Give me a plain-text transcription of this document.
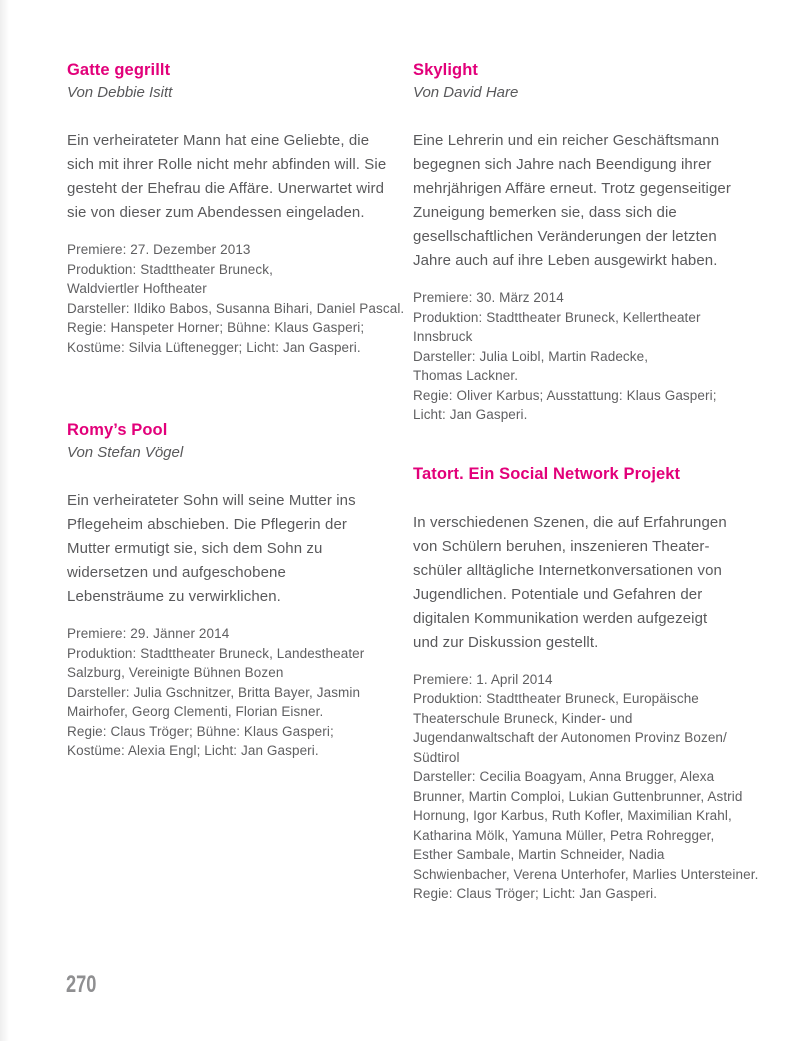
Gatte gegrillt

Von Debbie Isitt

Ein verheirateter Mann hat eine Geliebte, die
sich mit ihrer Rolle nicht mehr abfinden will. Sie
gesteht der Ehefrau die Affäre. Unerwartet wird
sie von dieser zum Abendessen eingeladen.
Premiere: 27. Dezember 2013
Produktion: Stadttheater Bruneck,
Waldviertler Hoftheater
Darsteller: Ildiko Babos, Susanna Bihari, Daniel Pascal.
Regie: Hanspeter Horner; Bühne: Klaus Gasperi;
Kostüme: Silvia Lüftenegger; Licht: Jan Gasperi.
Romy’s Pool

Von Stefan Vögel

Ein verheirateter Sohn will seine Mutter ins
Pflegeheim abschieben. Die Pflegerin der
Mutter ermutigt sie, sich dem Sohn zu
widersetzen und aufgeschobene
Lebensträume zu verwirklichen.
Premiere: 29. Jänner 2014
Produktion: Stadttheater Bruneck, Landestheater
Salzburg, Vereinigte Bühnen Bozen
Darsteller: Julia Gschnitzer, Britta Bayer, Jasmin
Mairhofer, Georg Clementi, Florian Eisner.
Regie: Claus Tröger; Bühne: Klaus Gasperi;
Kostüme: Alexia Engl; Licht: Jan Gasperi.
Skylight

Von David Hare

Eine Lehrerin und ein reicher Geschäftsmann
begegnen sich Jahre nach Beendigung ihrer
mehrjährigen Affäre erneut. Trotz gegenseitiger
Zuneigung bemerken sie, dass sich die
gesellschaftlichen Veränderungen der letzten
Jahre auch auf ihre Leben ausgewirkt haben.
Premiere: 30. März 2014
Produktion: Stadttheater Bruneck, Kellertheater
Innsbruck
Darsteller: Julia Loibl, Martin Radecke,
Thomas Lackner.
Regie: Oliver Karbus; Ausstattung: Klaus Gasperi;
Licht: Jan Gasperi.
Tatort. Ein Social Network Projekt
In verschiedenen Szenen, die auf Erfahrungen
von Schülern beruhen, inszenieren Theater-
schüler alltägliche Internetkonversationen von
Jugendlichen. Potentiale und Gefahren der
digitalen Kommunikation werden aufgezeigt
und zur Diskussion gestellt.
Premiere: 1. April 2014
Produktion: Stadttheater Bruneck, Europäische
Theaterschule Bruneck, Kinder- und
Jugendanwaltschaft der Autonomen Provinz Bozen/
Südtirol
Darsteller: Cecilia Boagyam, Anna Brugger, Alexa
Brunner, Martin Comploi, Lukian Guttenbrunner, Astrid
Hornung, Igor Karbus, Ruth Kofler, Maximilian Krahl,
Katharina Mölk, Yamuna Müller, Petra Rohregger,
Esther Sambale, Martin Schneider, Nadia
Schwienbacher, Verena Unterhofer, Marlies Untersteiner.
Regie: Claus Tröger; Licht: Jan Gasperi.
270
